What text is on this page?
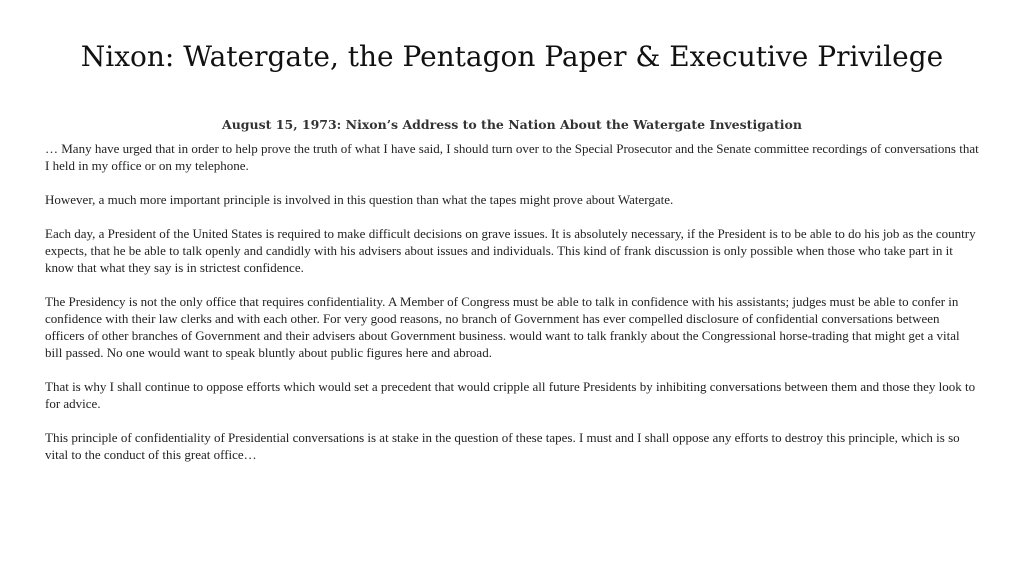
Nixon: Watergate, the Pentagon Paper & Executive Privilege
August 15, 1973: Nixon’s Address to the Nation About the Watergate Investigation

… Many have urged that in order to help prove the truth of what I have said, I should turn over to the Special Prosecutor and the Senate committee recordings of conversations that I held in my office or on my telephone.

However, a much more important principle is involved in this question than what the tapes might prove about Watergate.

Each day, a President of the United States is required to make difficult decisions on grave issues. It is absolutely necessary, if the President is to be able to do his job as the country expects, that he be able to talk openly and candidly with his advisers about issues and individuals. This kind of frank discussion is only possible when those who take part in it know that what they say is in strictest confidence.

The Presidency is not the only office that requires confidentiality. A Member of Congress must be able to talk in confidence with his assistants; judges must be able to confer in confidence with their law clerks and with each other. For very good reasons, no branch of Government has ever compelled disclosure of confidential conversations between officers of other branches of Government and their advisers about Government business. would want to talk frankly about the Congressional horse-trading that might get a vital bill passed. No one would want to speak bluntly about public figures here and abroad.

That is why I shall continue to oppose efforts which would set a precedent that would cripple all future Presidents by inhibiting conversations between them and those they look to for advice.

This principle of confidentiality of Presidential conversations is at stake in the question of these tapes. I must and I shall oppose any efforts to destroy this principle, which is so vital to the conduct of this great office…
